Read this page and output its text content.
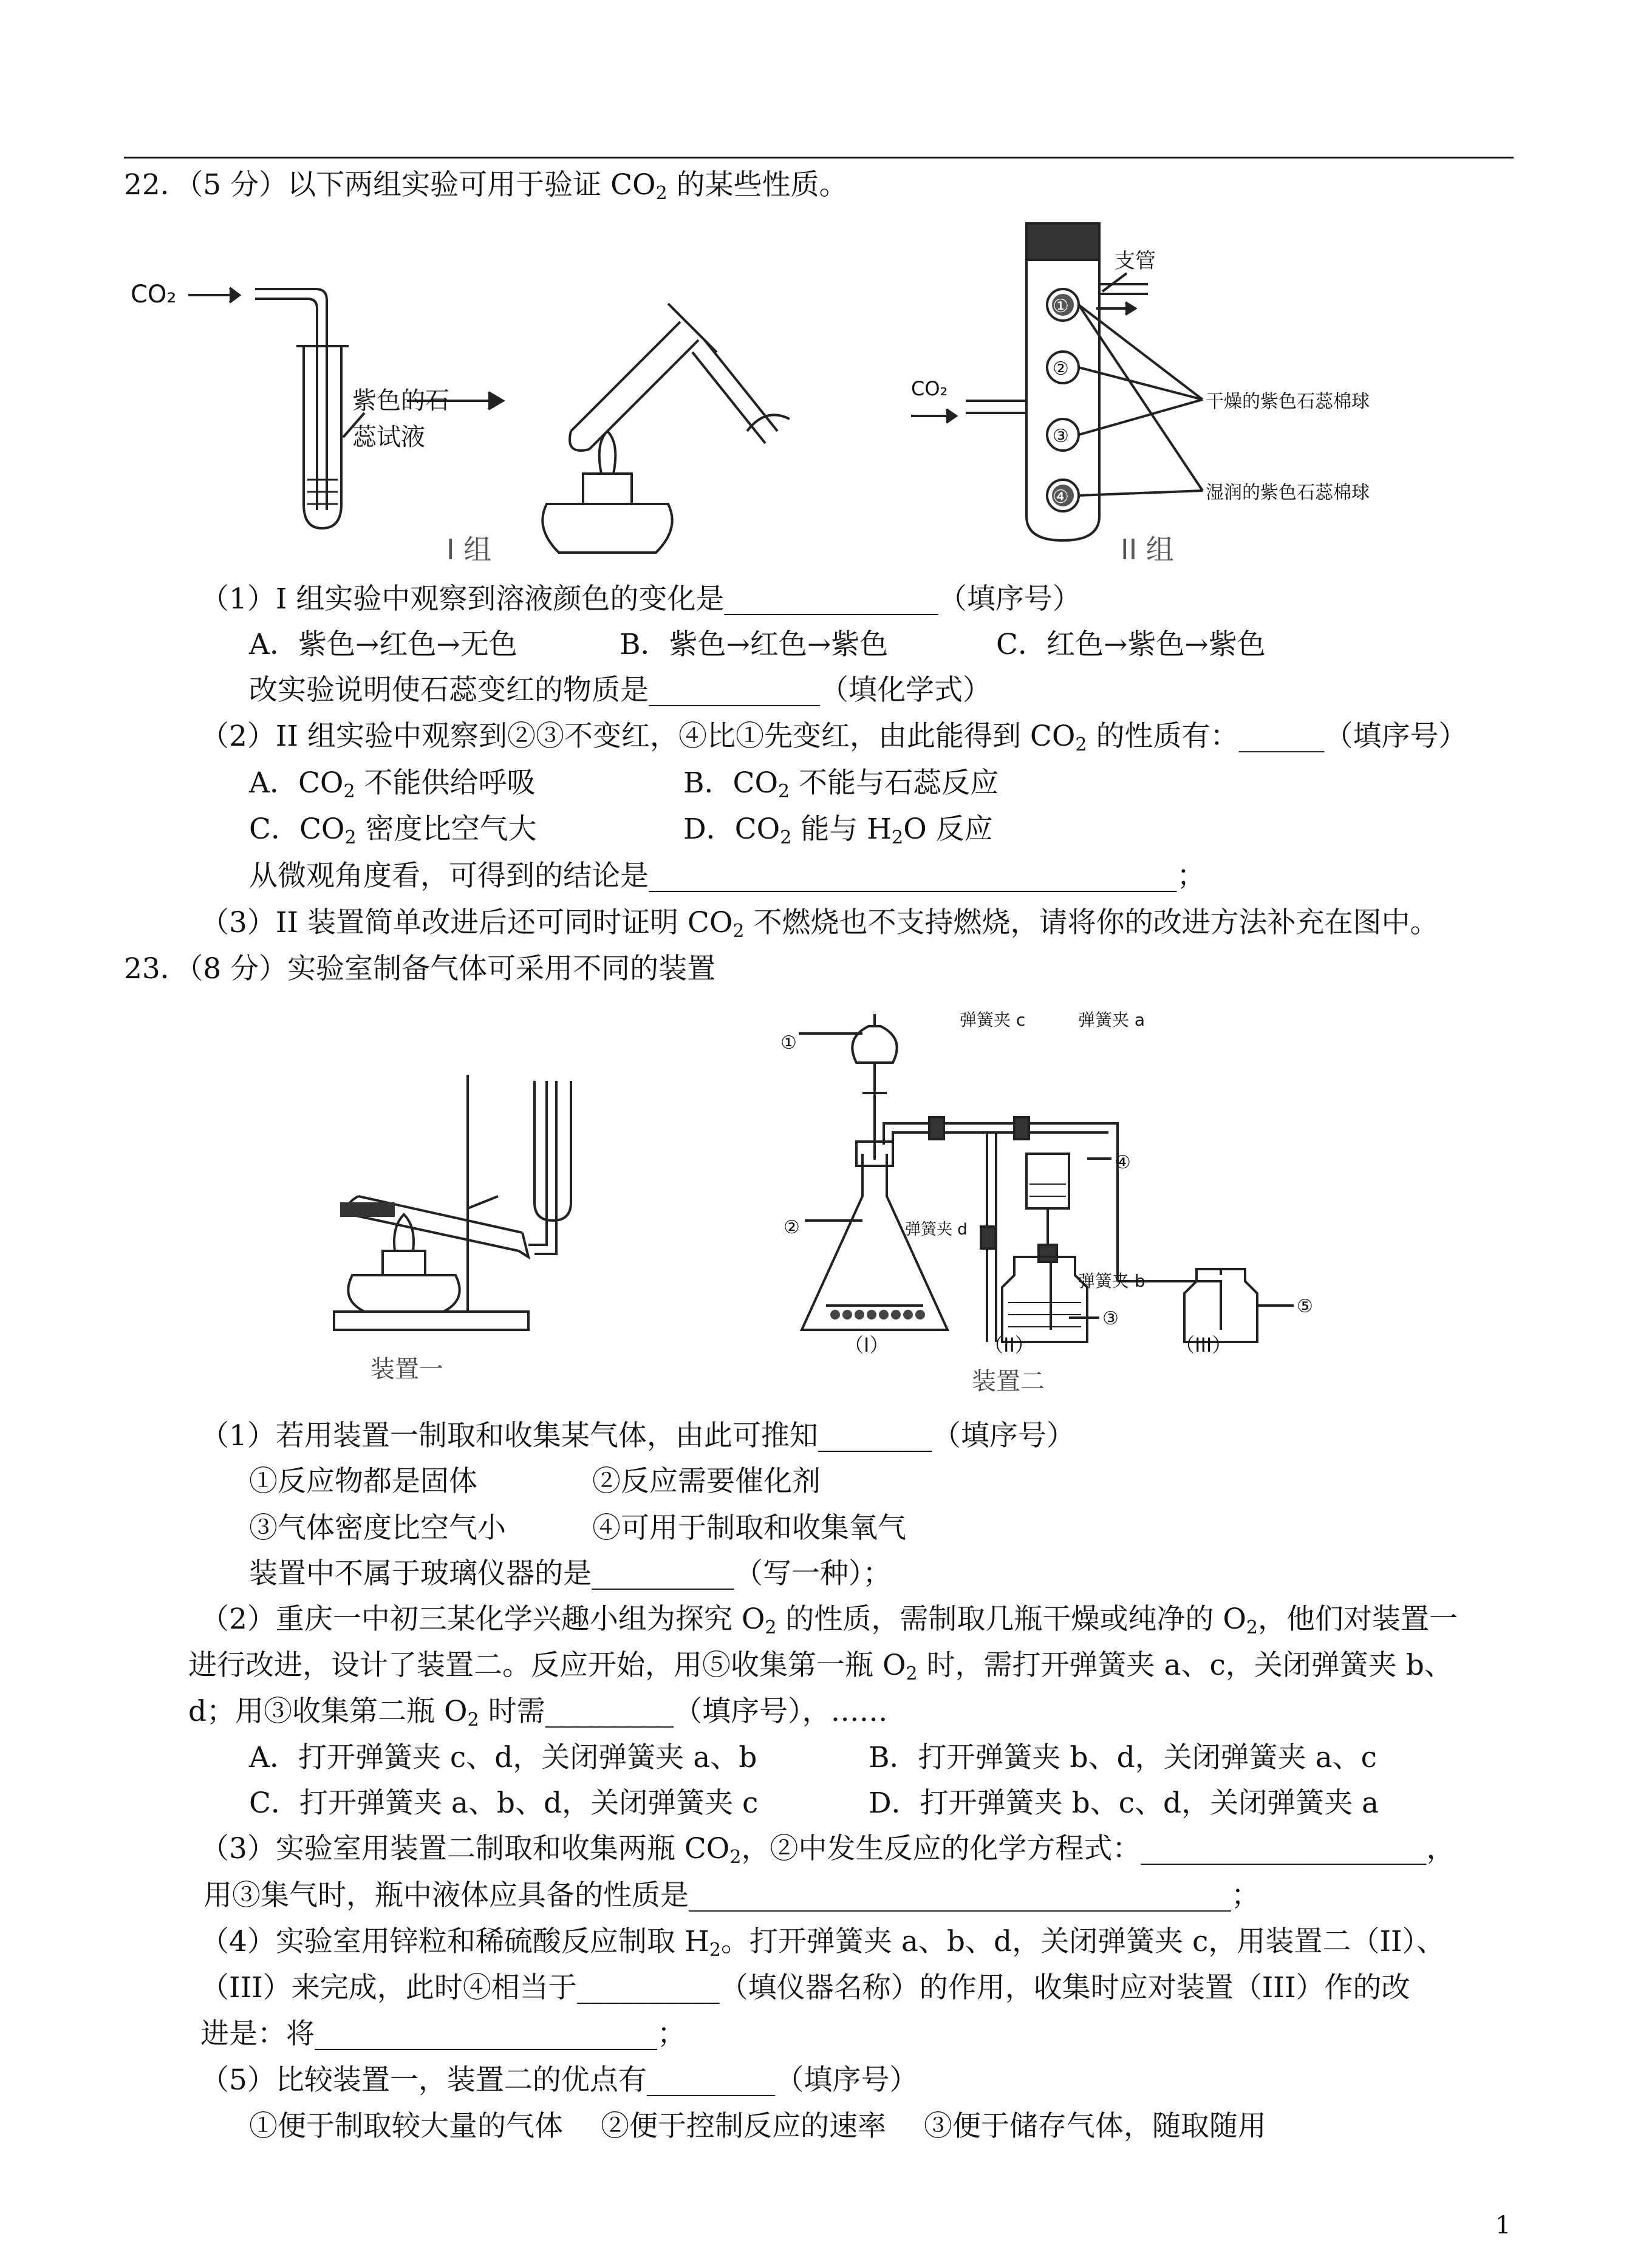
22．（5 分）以下两组实验可用于验证 $CO_2$ 的某些性质。
CO₂
紫色的石
蕊试液
I 组
①
②
③
④
支管
CO₂
干燥的紫色石蕊棉球
湿润的紫色石蕊棉球
II 组
（1）I 组实验中观察到溶液颜色的变化是_______________（填序号）
A．紫色→红色→无色	B．紫色→红色→紫色	C．红色→紫色→紫色
改实验说明使石蕊变红的物质是____________（填化学式）
（2）II 组实验中观察到②③不变红，④比①先变红，由此能得到 $CO_2$ 的性质有：______（填序号）
A．$CO_2$ 不能供给呼吸	B．$CO_2$ 不能与石蕊反应
C．$CO_2$ 密度比空气大	D．$CO_2$ 能与 $H_2O$ 反应
从微观角度看，可得到的结论是_____________________________________；
（3）II 装置简单改进后还可同时证明 $CO_2$ 不燃烧也不支持燃烧，请将你的改进方法补充在图中。
23．（8 分）实验室制备气体可采用不同的装置
装置一
①
②
④
③
⑤
弹簧夹 c	弹簧夹 a
弹簧夹 d
弹簧夹 b
（I）	（II）	（III）
装置二
（1）若用装置一制取和收集某气体，由此可推知________（填序号）
①反应物都是固体	②反应需要催化剂
③气体密度比空气小	④可用于制取和收集氧气
装置中不属于玻璃仪器的是__________（写一种）；
（2）重庆一中初三某化学兴趣小组为探究 $O_2$ 的性质，需制取几瓶干燥或纯净的 $O_2$，他们对装置一
进行改进，设计了装置二。反应开始，用⑤收集第一瓶 $O_2$ 时，需打开弹簧夹 a、c，关闭弹簧夹 b、
d；用③收集第二瓶 $O_2$ 时需_________（填序号），……
A．打开弹簧夹 c、d，关闭弹簧夹 a、b	B．打开弹簧夹 b、d，关闭弹簧夹 a、c
C．打开弹簧夹 a、b、d，关闭弹簧夹 c	D．打开弹簧夹 b、c、d，关闭弹簧夹 a
（3）实验室用装置二制取和收集两瓶 $CO_2$，②中发生反应的化学方程式：____________________，
用③集气时，瓶中液体应具备的性质是______________________________________；
（4）实验室用锌粒和稀硫酸反应制取 $H_2$。打开弹簧夹 a、b、d，关闭弹簧夹 c，用装置二（II）、
（III）来完成，此时④相当于__________（填仪器名称）的作用，收集时应对装置（III）作的改
进是：将________________________；
（5）比较装置一，装置二的优点有_________（填序号）
①便于制取较大量的气体　 ②便于控制反应的速率　 ③便于储存气体，随取随用
1
